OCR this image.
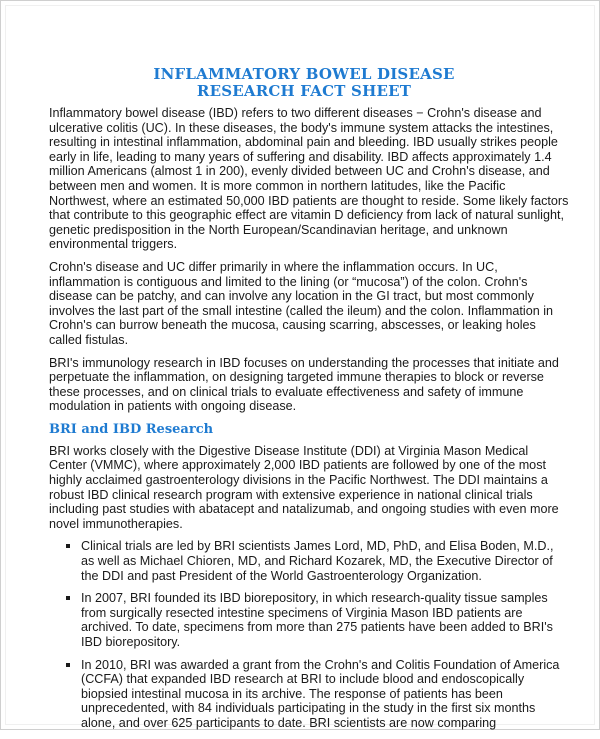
INFLAMMATORY BOWEL DISEASE
RESEARCH FACT SHEET

Inflammatory bowel disease (IBD) refers to two different diseases − Crohn's disease and ulcerative colitis (UC). In these diseases, the body's immune system attacks the intestines, resulting in intestinal inflammation, abdominal pain and bleeding. IBD usually strikes people early in life, leading to many years of suffering and disability. IBD affects approximately 1.4 million Americans (almost 1 in 200), evenly divided between UC and Crohn's disease, and between men and women. It is more common in northern latitudes, like the Pacific Northwest, where an estimated 50,000 IBD patients are thought to reside. Some likely factors that contribute to this geographic effect are vitamin D deficiency from lack of natural sunlight, genetic predisposition in the North European/Scandinavian heritage, and unknown environmental triggers.

Crohn's disease and UC differ primarily in where the inflammation occurs. In UC, inflammation is contiguous and limited to the lining (or “mucosa”) of the colon. Crohn's disease can be patchy, and can involve any location in the GI tract, but most commonly involves the last part of the small intestine (called the ileum) and the colon. Inflammation in Crohn's can burrow beneath the mucosa, causing scarring, abscesses, or leaking holes called fistulas.

BRI's immunology research in IBD focuses on understanding the processes that initiate and perpetuate the inflammation, on designing targeted immune therapies to block or reverse these processes, and on clinical trials to evaluate effectiveness and safety of immune modulation in patients with ongoing disease.

BRI and IBD Research

BRI works closely with the Digestive Disease Institute (DDI) at Virginia Mason Medical Center (VMMC), where approximately 2,000 IBD patients are followed by one of the most highly acclaimed gastroenterology divisions in the Pacific Northwest. The DDI maintains a robust IBD clinical research program with extensive experience in national clinical trials including past studies with abatacept and natalizumab, and ongoing studies with even more novel immunotherapies.

Clinical trials are led by BRI scientists James Lord, MD, PhD, and Elisa Boden, M.D., as well as Michael Chioren, MD, and Richard Kozarek, MD, the Executive Director of the DDI and past President of the World Gastroenterology Organization.
In 2007, BRI founded its IBD biorepository, in which research-quality tissue samples from surgically resected intestine specimens of Virginia Mason IBD patients are archived. To date, specimens from more than 275 patients have been added to BRI's IBD biorepository.
In 2010, BRI was awarded a grant from the Crohn's and Colitis Foundation of America (CCFA) that expanded IBD research at BRI to include blood and endoscopically biopsied intestinal mucosa in its archive. The response of patients has been unprecedented, with 84 individuals participating in the study in the first six months alone, and over 625 participants to date. BRI scientists are now comparing
